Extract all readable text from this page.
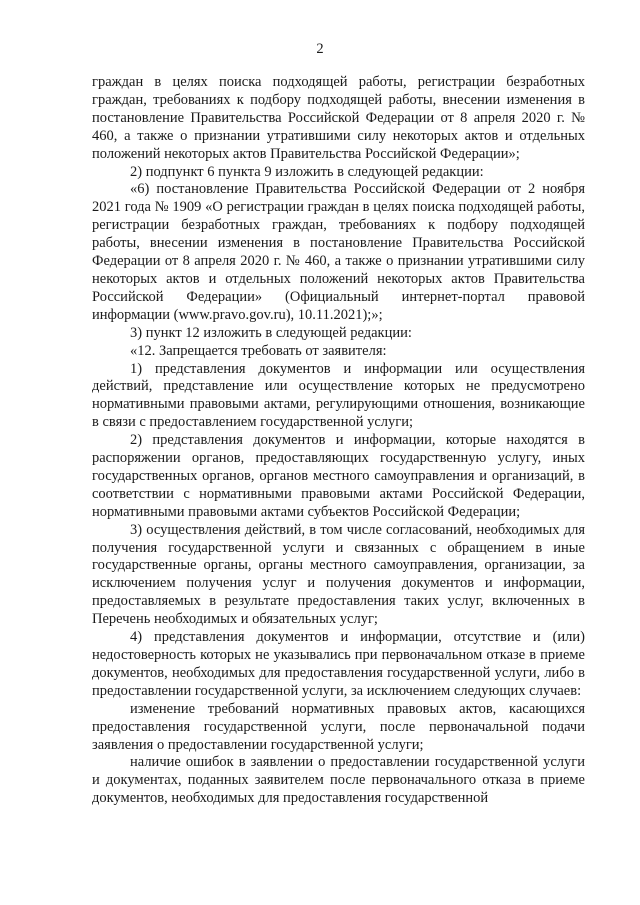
2

граждан в целях поиска подходящей работы, регистрации безработных граждан, требованиях к подбору подходящей работы, внесении изменения в постановление Правительства Российской Федерации от 8 апреля 2020 г. № 460, а также о признании утратившими силу некоторых актов и отдельных положений некоторых актов Правительства Российской Федерации»;

2) подпункт 6 пункта 9 изложить в следующей редакции:

«6) постановление Правительства Российской Федерации от 2 ноября 2021 года № 1909 «О регистрации граждан в целях поиска подходящей работы, регистрации безработных граждан, требованиях к подбору подходящей работы, внесении изменения в постановление Правительства Российской Федерации от 8 апреля 2020 г. № 460, а также о признании утратившими силу некоторых актов и отдельных положений некоторых актов Правительства Российской Федерации» (Официальный интернет-портал правовой информации (www.pravo.gov.ru), 10.11.2021);»;

3) пункт 12 изложить в следующей редакции:

«12. Запрещается требовать от заявителя:

1) представления документов и информации или осуществления действий, представление или осуществление которых не предусмотрено нормативными правовыми актами, регулирующими отношения, возникающие в связи с предоставлением государственной услуги;

2) представления документов и информации, которые находятся в распоряжении органов, предоставляющих государственную услугу, иных государственных органов, органов местного самоуправления и организаций, в соответствии с нормативными правовыми актами Российской Федерации, нормативными правовыми актами субъектов Российской Федерации;

3) осуществления действий, в том числе согласований, необходимых для получения государственной услуги и связанных с обращением в иные государственные органы, органы местного самоуправления, организации, за исключением получения услуг и получения документов и информации, предоставляемых в результате предоставления таких услуг, включенных в Перечень необходимых и обязательных услуг;

4) представления документов и информации, отсутствие и (или) недостоверность которых не указывались при первоначальном отказе в приеме документов, необходимых для предоставления государственной услуги, либо в предоставлении государственной услуги, за исключением следующих случаев:

изменение требований нормативных правовых актов, касающихся предоставления государственной услуги, после первоначальной подачи заявления о предоставлении государственной услуги;

наличие ошибок в заявлении о предоставлении государственной услуги и документах, поданных заявителем после первоначального отказа в приеме документов, необходимых для предоставления государственной
